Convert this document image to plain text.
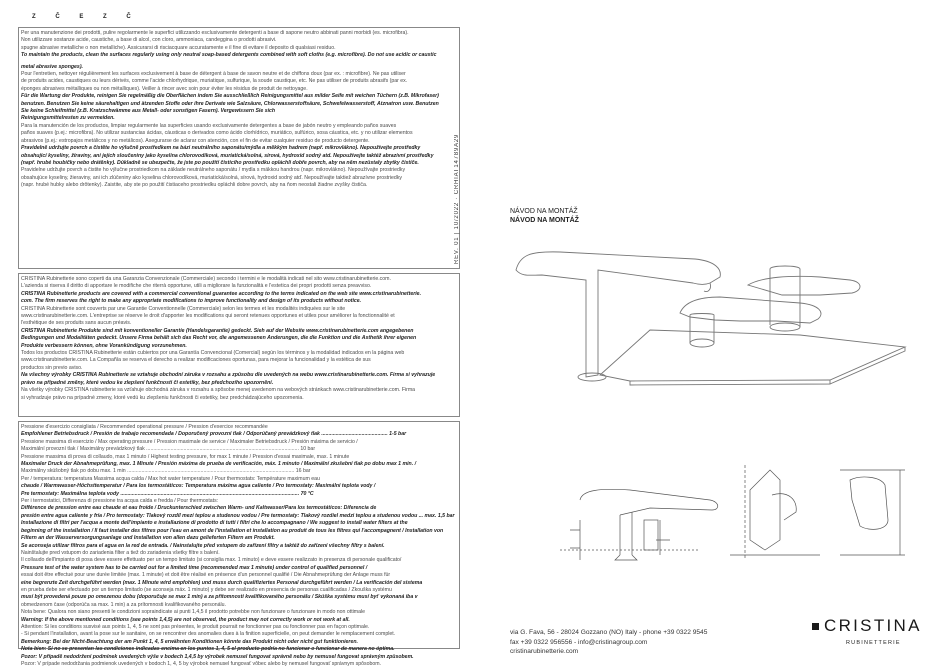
Z Č E Z Č

Per una manutenzione dei prodotti, pulire regolarmente le superfici utilizzando esclusivamente detergenti a base di sapone neutro abbinati panni morbidi (es. microfibra).

Non utilizzare sostanze acide, caustiche, a base di alcol, con cloro, ammoniaca, candeggina o prodotti abrasivi.

spugne abrasive metalliche o non metalliche). Assicurarsi di risciacquare accuratamente e il fine di evitare il deposito di qualsiasi residuo.

To maintain the products, clean the surfaces regularly using only neutral soap-based detergents combined with soft cloths (e.g. microfibre). Do not use acidic or caustic

metal abrasive sponges).

Pour l'entretien, nettoyer régulièrement les surfaces exclusivement à base de détergent à base de savon neutre et de chiffons doux (par ex. : microfibre). Ne pas utiliser

de produits acides, caustiques ou leurs dérivés, comme l'acide chlorhydrique, muriatique, sulfurique, la soude caustique, etc. Ne pas utiliser de produits abrasifs (par ex.

éponges abrasives métalliques ou non métalliques). Veiller à rincer avec soin pour éviter les résidus de produit de nettoyage.

Für die Wartung der Produkte, reinigen Sie regelmäßig die Oberflächen indem Sie ausschließlich Reinigungsmittel aus milder Seife mit weichen Tüchern (z.B. Mikrofaser)

benutzen. Benutzen Sie keine säurehaltigen und ätzenden Stoffe oder ihre Derivate wie Salzsäure, Chlorwasserstoffsäure, Schwefelwasserstoff, Ätznatron usw. Benutzen

Sie keine Schleifmittel (z.B. Kratzschwämme aus Metall- oder sonstigen Fasern). Vergewissern Sie sich

Reinigungsmittelresten zu vermeiden.

Para la manutención de los productos, limpiar regularmente las superficies usando exclusivamente detergentes a base de jabón neutro y empleando paños suaves

paños suaves (p.ej.: microfibra). No utilizar sustancias ácidas, cáusticas o derivados como ácido clorhídrico, muriático, sulfúrico, sosa cáustica, etc. y no utilizar elementos

abrasivos (p.ej.: estropajos metálicos y no metálicos). Asegurarse de aclarar con atención, con el fin de evitar cualquier residuo de producto detergente.

Pravidelně udržujte povrch a čistěte ho výlučně prostředkem na bázi neutrálního saponátu/mýdla a měkkým hadrem (např. mikrovlákno). Nepoužívejte prostředky

obsahující kyseliny, žíraviny, ani jejich sloučeniny jako kyselina chlorovodíková, muriatická/solná, sírová, hydroxid sodný atd. Nepoužívejte taktéž abrazivní prostředky

(např. hrubé houbičky nebo drátěnky). Důkladně se ubezpečte, že jste po použití čisticího prostředku opláchli dobře povrch, aby na něm nezůstaly zbytky čističe.

Pravidelne udržujte povrch a čistite ho výlučne prostriedkom na základe neutrálneho saponátu / mydla s mäkkou handrou (napr. mikrovlákno). Nepoužívajte prostriedky

obsahujúce kyseliny, žieraviny, ani ich zlúčeniny ako kyselina chlorovodíková, muriatická/solná, sírová, hydroxid sodný atď. Nepoužívajte taktiež abrazívne prostriedky

(napr. hrubé hubky alebo drôtenky). Zaistite, aby ste po použití čistiaceho prostriedku opláchli dobre povrch, aby na ňom neostali žiadne zvyšky čističa.

CRISTINA Rubinetterie sono coperti da una Garanzia Convenzionale (Commerciale) secondo i termini e le modalità indicati nel sito www.cristinarubinetterie.com.

L'azienda si riserva il diritto di apportare le modifiche che riterrà opportune, utili a migliorare la funzionalità e l'estetica dei propri prodotti senza preavviso.

CRISTINA Rubinetterie products are covered with a commercial conventional guarantee according to the terms indicated on the web site www.cristinarubinetterie.

com. The firm reserves the right to make any appropriate modifications to improve functionality and design of its products without notice.

CRISTINA Rubinetterie sont couverts par une Garantie Conventionnelle (Commerciale) selon les termes et les modalités indiquées sur le site

www.cristinarubinetterie.com. L'entreprise se réserve le droit d'apporter les modifications qui seront retenues opportunes et utiles pour améliorer la fonctionnalité et

l'esthétique de ses produits sans aucun préavis.

CRISTINA Rubinetterie Produkte sind mit konventioneller Garantie (Handelsgarantie) gedeckt. Sieh auf der Website www.cristinarubinetterie.com angegebenen

Bedingungen und Modalitäten gedeckt. Unsere Firma behält sich das Recht vor, die angemessenen Änderungen, die die Funktion und die Ästhetik ihrer eigenen

Produkte verbessern können, ohne Vorankündigung vorzunehmen.

Todos los productos CRISTINA Rubinetterie están cubiertos por una Garantía Convencional (Comercial) según los términos y la modalidad indicados en la página web

www.cristinarubinetterie.com. La Compañía se reserva el derecho a realizar modificaciones oportunas, para mejorar la funcionalidad y la estética de sus

productos sin previo aviso.

Na všechny výrobky CRISTINA Rubinetterie se vztahuje obchodní záruka v rozsahu a způsobu dle uvedených na webu www.cristinarubinetterie.com. Firma si vyhrazuje

právo na případné změny, které vedou ke zlepšení funkčnosti či estetiky, bez předchozího upozornění.

Na všetky výrobky CRISTINA rubinetterie sa vzťahuje obchodná záruka v rozsahu a spôsobe menej uvedenom na webových stránkach www.cristinarubinetterie.com. Firma

si vyhradzuje právo na prípadné zmeny, ktoré vedú ku zlepšeniu funkčnosti či estetiky, bez predchádzajúceho upozornenia.

Pressione d'esercizio consigliata / Recommended operational pressure / Pression d'exercice recommandée

Empfohlener Betriebsdruck / Presión de trabajo recomendada / Doporučený provozní tlak / Odporúčaný prevádzkový tlak .............................................. 1-5 bar

Pressione massima di esercizio / Max operating pressure / Pression maximale de service / Maximaler Betriebsdruck / Presión máxima de servicio /

Maximální provozní tlak / Maximálny prevádzkový tlak .......................................................................................................... 10 bar

Pressione massima di prova di collaudo, max 1 minuto / Highest testing pressure, for max 1 minute / Pression d'essai maximale, max. 1 minute

Maximaler Druck der Abnahmeprüfung, max. 1 Minute / Presión máxima de prueba de verificación, máx. 1 minuto / Maximální zkušební tlak po dobu max 1 min. /

Maximálny skúšobný tlak po dobu max. 1 min .................................................................................................................... 16 bar

Per / temperatura: temperatura Massima acqua calda / Max hot water temperature / Pour thermostats: Température maximum eau

chaude / Warmwasser-Höchsttemperatur / Para los termostáticos: Temperatura máxima agua caliente / Pro termostaty: Maximální teplota vody /

Pre termostaty: Maximálna teplota vody ............................................................................................................................ 70 °C

Per i termostatici, Differenza di pressione tra acqua calda e fredda / Pour thermostats:

Différence de pression entre eau chaude et eau froide / Druckunterschied zwischen Warm- und Kaltwasser/Para los termostáticos: Diferencia de

presión entre agua caliente y fría / Pro termostaty: Tlakový rozdíl mezi teplou a studenou vodou / Pre termostaty: Tlakový rozdiel medzi teplou a studenou vodou ... max. 1,5 bar

Installazione di filtri per l'acqua a monte dell'impianto e installazione di prodotto di tutti i filtri che lo accompagnano / We suggest to install water filters at the

beginning of the installation / Il faut installer des filtres pour l'eau en amont de l'installation et installation au produit de tous les filtres qui l'accompagnent / Installation von

Filtern an der Wasserversorgungsanlage und Installation von allen dazu gelieferten Filtern am Produkt.

Se aconseja utilizar filtros para el agua en la red de entrada. / Nainstalujte před vstupem do zařízení filtry a taktéž do zařízení všechny filtry s balení.

Nainštalujte pred vstupom do zariadenia filter a tiež do zariadenia všetky filtre s balení.

Il collaudo dell'impianto di posa deve essere effettuato per un tempo limitato (si consiglia max. 1 minuto) e deve essere realizzato in presenza di personale qualificato/

Pressure test of the water system has to be carried out for a limited time (recommended max 1 minute) under control of qualified personnel /

essai doit être effectué pour une durée limitée (max. 1 minute) et doit être réalisé en présence d'un personnel qualifié / Die Abnahmeprüfung der Anlage muss für

eine begrenzte Zeit durchgeführt werden (max. 1 Minute wird empfohlen) und muss durch qualifiziertes Personal durchgeführt werden / La verificación del sistema

en prueba debe ser efectuado por un tiempo limitado (se aconseja máx. 1 minuto) y debe ser realizado en presencia de personas cualificadas / Zkouška systému

musí být provedená pouze po omezenou dobu (doporučuje se max 1 min) a za přítomnosti kvalifikovaného personálu / Skúška systému musí byť vykonaná iba v

obmedzenom čase (odporúča sa max. 1 min) a za prítomnosti kvalifikovaného personálu.

Nota bene: Qualora non siano presenti le condizioni sopraindicate ai punti 1,4,5 il prodotto potrebbe non funzionare o funzionare in modo non ottimale

Warning: If the above mentioned conditions (see points 1,4,5) are not observed, the product may not correctly work or not work at all.

Attention: Si les conditions susvisé aux points 1, 4, 5 ne sont pas présentes, le produit pourrait ne fonctionner pas ou fonctionner pas en façon optimale.

- Si pendant l'installation, avant la pose sur le sanitaire, on se rencontrer des anomalies dues à la finition superficielle, on peut demander le remplacement complet.

Bemerkung: Bei der Nicht-Beachtung der am Punkt 1, 4, 5 erwähnten Konditionen könnte das Produkt nicht oder nicht gut funktionieren.

Nota bien: Si no se presentan las condiciones indicadas encima en los puntos 1, 4, 5 el producto podría no funcionar o funcionar de manera no óptima.

Pozor: V případě nedodržení podmínek uvedených výše v bodech 1,4,5 by výrobek nemusel fungovat správně nebo by nemusel fungovat správným způsobem.

Pozor: V prípade nedodržania podmienok uvedených v bodoch 1, 4, 5 by výrobok nemusel fungovať vôbec alebo by nemusel fungovať správnym spôsobom.

REV. 01 | 10/2022 · CRHIAT14789A29	NÁVOD NA MONTÁŽ
NÁVOD NA MONTÁŽ
via G. Fava, 56 - 28024 Gozzano (NO) Italy - phone +39 0322 9545
fax +39 0322 956556 - info@cristinagroup.com
cristinarubinetterie.com
CRISTINA
RUBINETTERIE
